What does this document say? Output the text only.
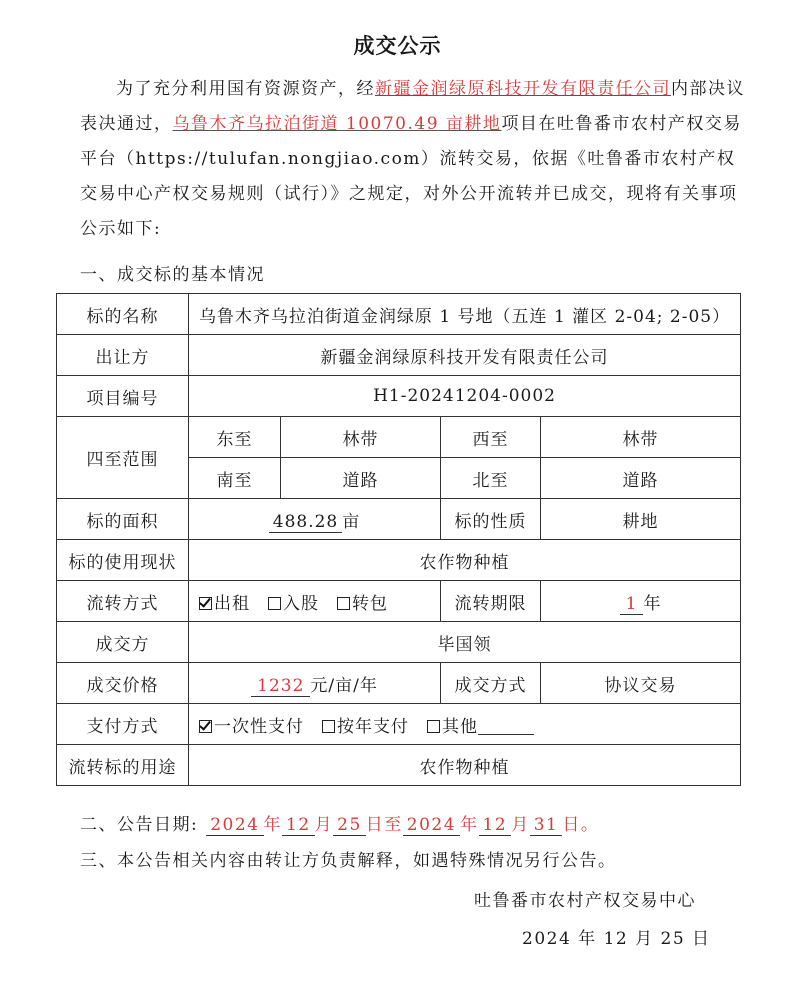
成交公示
为了充分利用国有资源资产，经新疆金润绿原科技开发有限责任公司内部决议表决通过，乌鲁木齐乌拉泊街道 10070.49 亩耕地项目在吐鲁番市农村产权交易平台（https://tulufan.nongjiao.com）流转交易，依据《吐鲁番市农村产权交易中心产权交易规则（试行）》之规定，对外公开流转并已成交，现将有关事项公示如下:
一、成交标的基本情况
标的名称	乌鲁木齐乌拉泊街道金润绿原 1 号地（五连 1 灌区 2-04; 2-05）			
出让方	新疆金润绿原科技开发有限责任公司			
项目编号	H1-20241204-0002			
四至范围	东至	林带	西至	林带
	南至	道路	北至	道路
标的面积	488.28 亩		标的性质	耕地
标的使用现状	农作物种植			
流转方式	出租 入股 转包		流转期限	1 年
成交方	毕国领			
成交价格	1232 元/亩/年		成交方式	协议交易
支付方式	一次性支付 按年支付 其他			
流转标的用途	农作物种植			
二、公告日期: 2024 年 12 月 25 日至 2024 年 12 月 31 日。
三、本公告相关内容由转让方负责解释，如遇特殊情况另行公告。
吐鲁番市农村产权交易中心
2024 年 12 月 25 日
